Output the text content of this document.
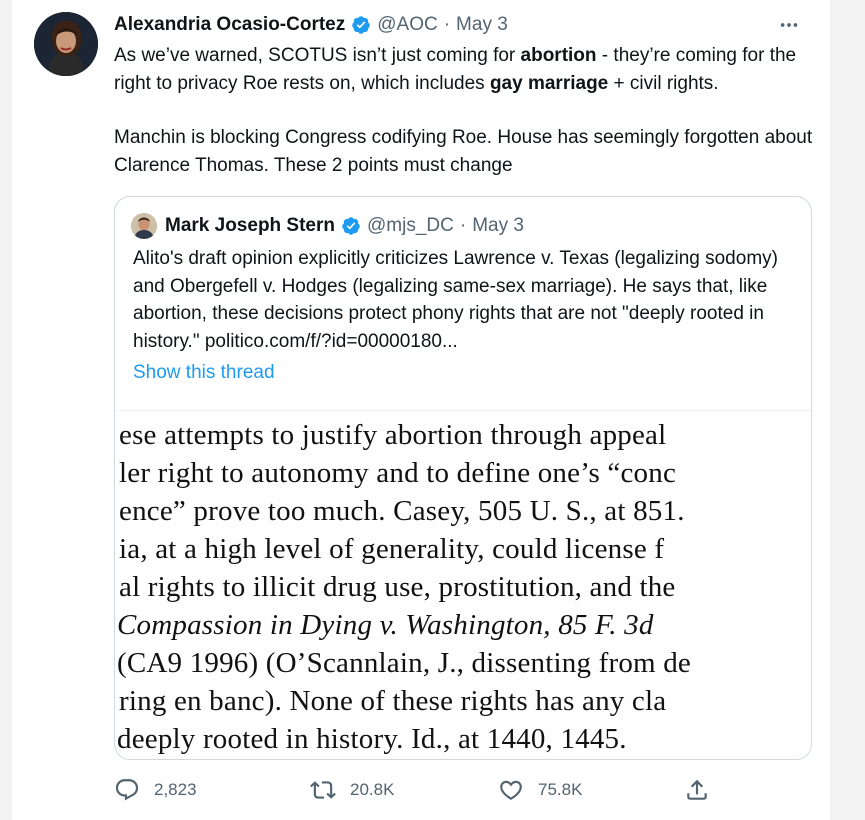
Alexandria Ocasio-Cortez @AOC · May 3

As we’ve warned, SCOTUS isn’t just coming for abortion - they’re coming for the right to privacy Roe rests on, which includes gay marriage + civil rights.

Manchin is blocking Congress codifying Roe. House has seemingly forgotten about Clarence Thomas. These 2 points must change

Mark Joseph Stern @mjs_DC · May 3
Alito's draft opinion explicitly criticizes Lawrence v. Texas (legalizing sodomy) and Obergefell v. Hodges (legalizing same-sex marriage). He says that, like abortion, these decisions protect phony rights that are not "deeply rooted in history." politico.com/f/?id=00000180...
Show this thread
ese attempts to justify abortion through appeal
ler right to autonomy and to define one’s “conc
ence” prove too much. Casey, 505 U. S., at 851.
ia, at a high level of generality, could license f
al rights to illicit drug use, prostitution, and the
Compassion in Dying v. Washington, 85 F. 3d
(CA9 1996) (O’Scannlain, J., dissenting from de
ring en banc). None of these rights has any cla
deeply rooted in history. Id., at 1440, 1445.
2,823	20.8K	75.8K
